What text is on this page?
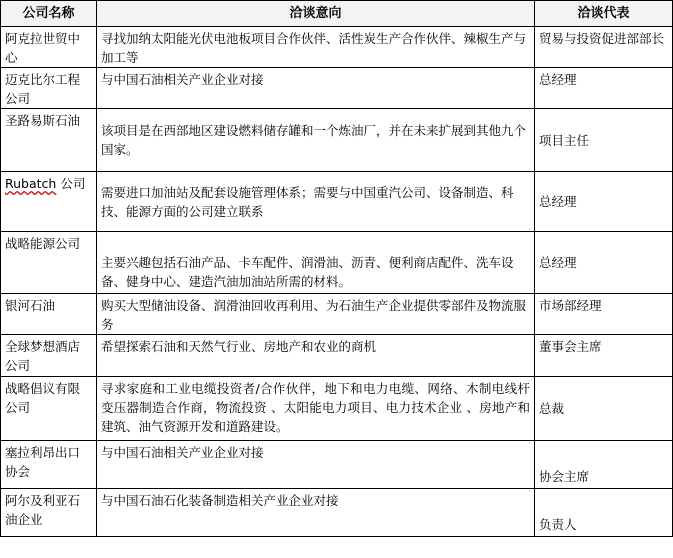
公司名称	洽谈意向	洽谈代表
阿克拉世贸中心	寻找加纳太阳能光伏电池板项目合作伙伴、活性炭生产合作伙伴、辣椒生产与加工等	贸易与投资促进部部长
迈克比尔工程公司	与中国石油相关产业企业对接	总经理
圣路易斯石油	该项目是在西部地区建设燃料储存罐和一个炼油厂，并在未来扩展到其他九个国家。	项目主任
Rubatch 公司	需要进口加油站及配套设施管理体系；需要与中国重汽公司、设备制造、科技、能源方面的公司建立联系	总经理
战略能源公司	主要兴趣包括石油产品、卡车配件、润滑油、沥青、便利商店配件、洗车设备、健身中心、建造汽油加油站所需的材料。	总经理
银河石油	购买大型储油设备、润滑油回收再利用、为石油生产企业提供零部件及物流服务	市场部经理
全球梦想酒店公司	希望探索石油和天然气行业、房地产和农业的商机	董事会主席
战略倡议有限公司	寻求家庭和工业电缆投资者/合作伙伴，地下和电力电缆、网络、木制电线杆变压器制造合作商，物流投资 、太阳能电力项目、电力技术企业 、房地产和建筑、油气资源开发和道路建设。	总裁
塞拉利昂出口协会	与中国石油相关产业企业对接	协会主席
阿尔及利亚石油企业	与中国石油石化装备制造相关产业企业对接	负责人
